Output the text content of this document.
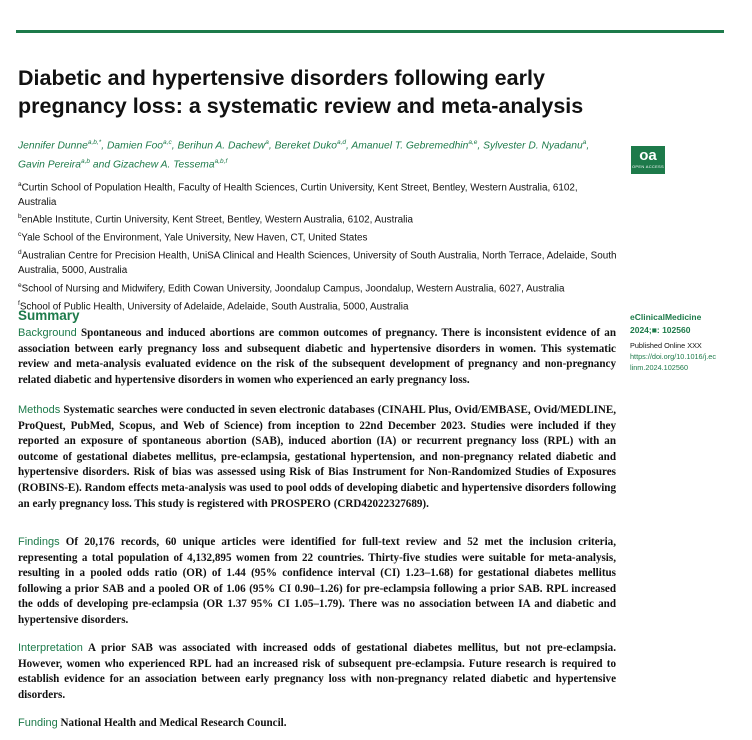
Diabetic and hypertensive disorders following early pregnancy loss: a systematic review and meta-analysis
Jennifer Dunne$^{a,b,*}$, Damien Foo$^{a,c}$, Berihun A. Dachew$^a$, Bereket Duko$^{a,d}$, Amanuel T. Gebremedhin$^{a,e}$, Sylvester D. Nyadanu$^a$, Gavin Pereira$^{a,b}$ and Gizachew A. Tessema$^{a,b,f}$	oa
OPEN ACCESS
$^a$Curtin School of Population Health, Faculty of Health Sciences, Curtin University, Kent Street, Bentley, Western Australia, 6102, Australia
$^b$enAble Institute, Curtin University, Kent Street, Bentley, Western Australia, 6102, Australia
$^c$Yale School of the Environment, Yale University, New Haven, CT, United States
$^d$Australian Centre for Precision Health, UniSA Clinical and Health Sciences, University of South Australia, North Terrace, Adelaide, South Australia, 5000, Australia
$^e$School of Nursing and Midwifery, Edith Cowan University, Joondalup Campus, Joondalup, Western Australia, 6027, Australia
$^f$School of Public Health, University of Adelaide, Adelaide, South Australia, 5000, Australia
Summary	eClinicalMedicine
2024;■: 102560
Published Online XXX
https://doi.org/10.1016/j.eclinm.2024.102560

Background Spontaneous and induced abortions are common outcomes of pregnancy. There is inconsistent evidence of an association between early pregnancy loss and subsequent diabetic and hypertensive disorders in women. This systematic review and meta-analysis evaluated evidence on the risk of the subsequent development of pregnancy and non-pregnancy related diabetic and hypertensive disorders in women who experienced an early pregnancy loss.

Methods Systematic searches were conducted in seven electronic databases (CINAHL Plus, Ovid/EMBASE, Ovid/MEDLINE, ProQuest, PubMed, Scopus, and Web of Science) from inception to 22nd December 2023. Studies were included if they reported an exposure of spontaneous abortion (SAB), induced abortion (IA) or recurrent pregnancy loss (RPL) with an outcome of gestational diabetes mellitus, pre-eclampsia, gestational hypertension, and non-pregnancy related diabetic and hypertensive disorders. Risk of bias was assessed using Risk of Bias Instrument for Non-Randomized Studies of Exposures (ROBINS-E). Random effects meta-analysis was used to pool odds of developing diabetic and hypertensive disorders following an early pregnancy loss. This study is registered with PROSPERO (CRD42022327689).

Findings Of 20,176 records, 60 unique articles were identified for full-text review and 52 met the inclusion criteria, representing a total population of 4,132,895 women from 22 countries. Thirty-five studies were suitable for meta-analysis, resulting in a pooled odds ratio (OR) of 1.44 (95% confidence interval (CI) 1.23–1.68) for gestational diabetes mellitus following a prior SAB and a pooled OR of 1.06 (95% CI 0.90–1.26) for pre-eclampsia following a prior SAB. RPL increased the odds of developing pre-eclampsia (OR 1.37 95% CI 1.05–1.79). There was no association between IA and diabetic and hypertensive disorders.

Interpretation A prior SAB was associated with increased odds of gestational diabetes mellitus, but not pre-eclampsia. However, women who experienced RPL had an increased risk of subsequent pre-eclampsia. Future research is required to establish evidence for an association between early pregnancy loss with non-pregnancy related diabetic and hypertensive disorders.

Funding National Health and Medical Research Council.
